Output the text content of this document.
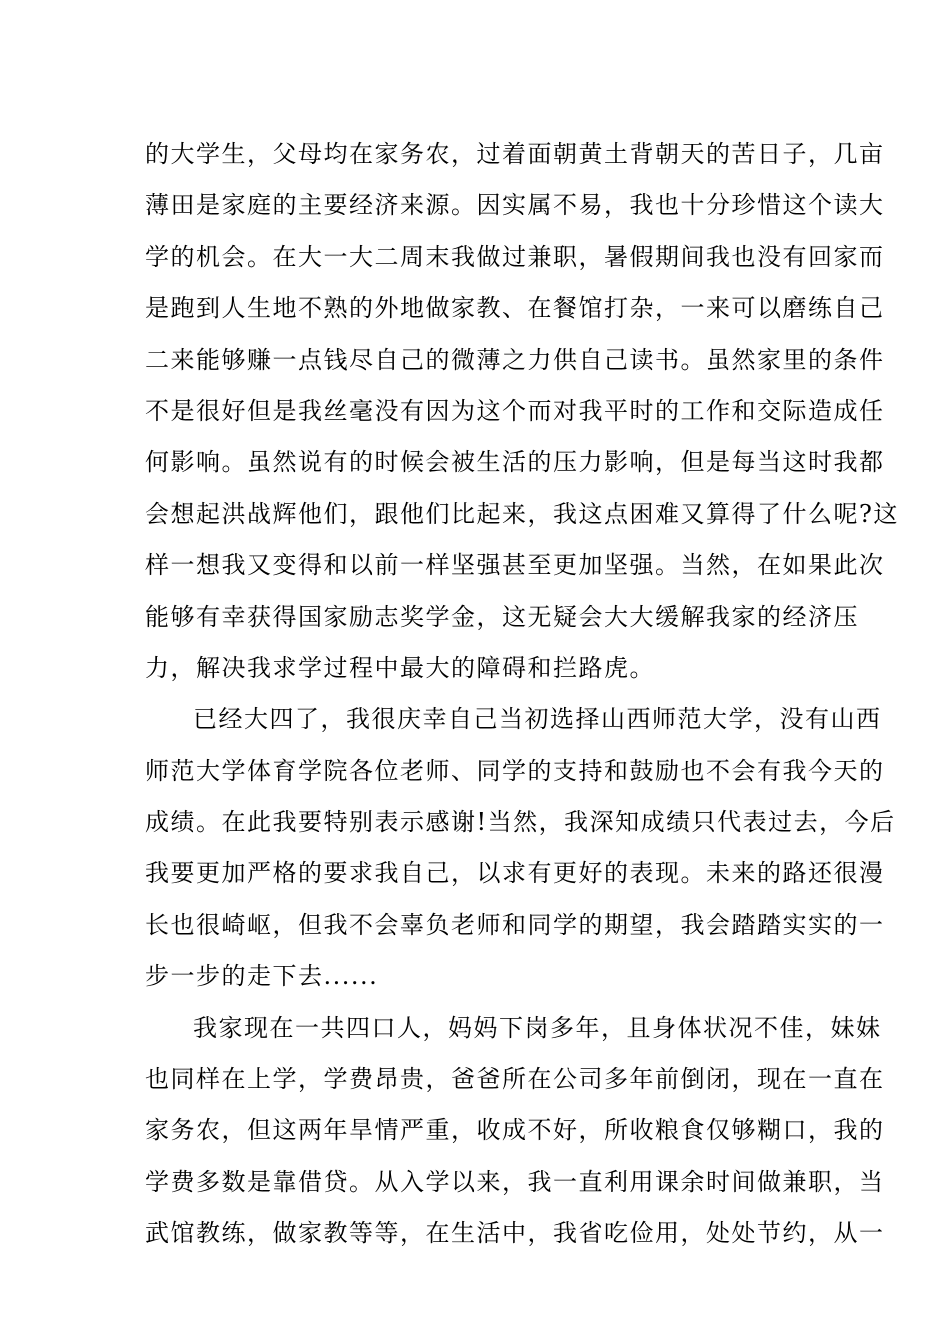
的大学生，父母均在家务农，过着面朝黄土背朝天的苦日子，几亩
薄田是家庭的主要经济来源。因实属不易，我也十分珍惜这个读大
学的机会。在大一大二周末我做过兼职，暑假期间我也没有回家而
是跑到人生地不熟的外地做家教、在餐馆打杂，一来可以磨练自己
二来能够赚一点钱尽自己的微薄之力供自己读书。虽然家里的条件
不是很好但是我丝毫没有因为这个而对我平时的工作和交际造成任
何影响。虽然说有的时候会被生活的压力影响，但是每当这时我都
会想起洪战辉他们，跟他们比起来，我这点困难又算得了什么呢?这
样一想我又变得和以前一样坚强甚至更加坚强。当然，在如果此次
能够有幸获得国家励志奖学金，这无疑会大大缓解我家的经济压
力，解决我求学过程中最大的障碍和拦路虎。
已经大四了，我很庆幸自己当初选择山西师范大学，没有山西
师范大学体育学院各位老师、同学的支持和鼓励也不会有我今天的
成绩。在此我要特别表示感谢!当然，我深知成绩只代表过去，今后
我要更加严格的要求我自己，以求有更好的表现。未来的路还很漫
长也很崎岖，但我不会辜负老师和同学的期望，我会踏踏实实的一
步一步的走下去......
我家现在一共四口人，妈妈下岗多年，且身体状况不佳，妹妹
也同样在上学，学费昂贵，爸爸所在公司多年前倒闭，现在一直在
家务农，但这两年旱情严重，收成不好，所收粮食仅够糊口，我的
学费多数是靠借贷。从入学以来，我一直利用课余时间做兼职，当
武馆教练，做家教等等，在生活中，我省吃俭用，处处节约，从一
